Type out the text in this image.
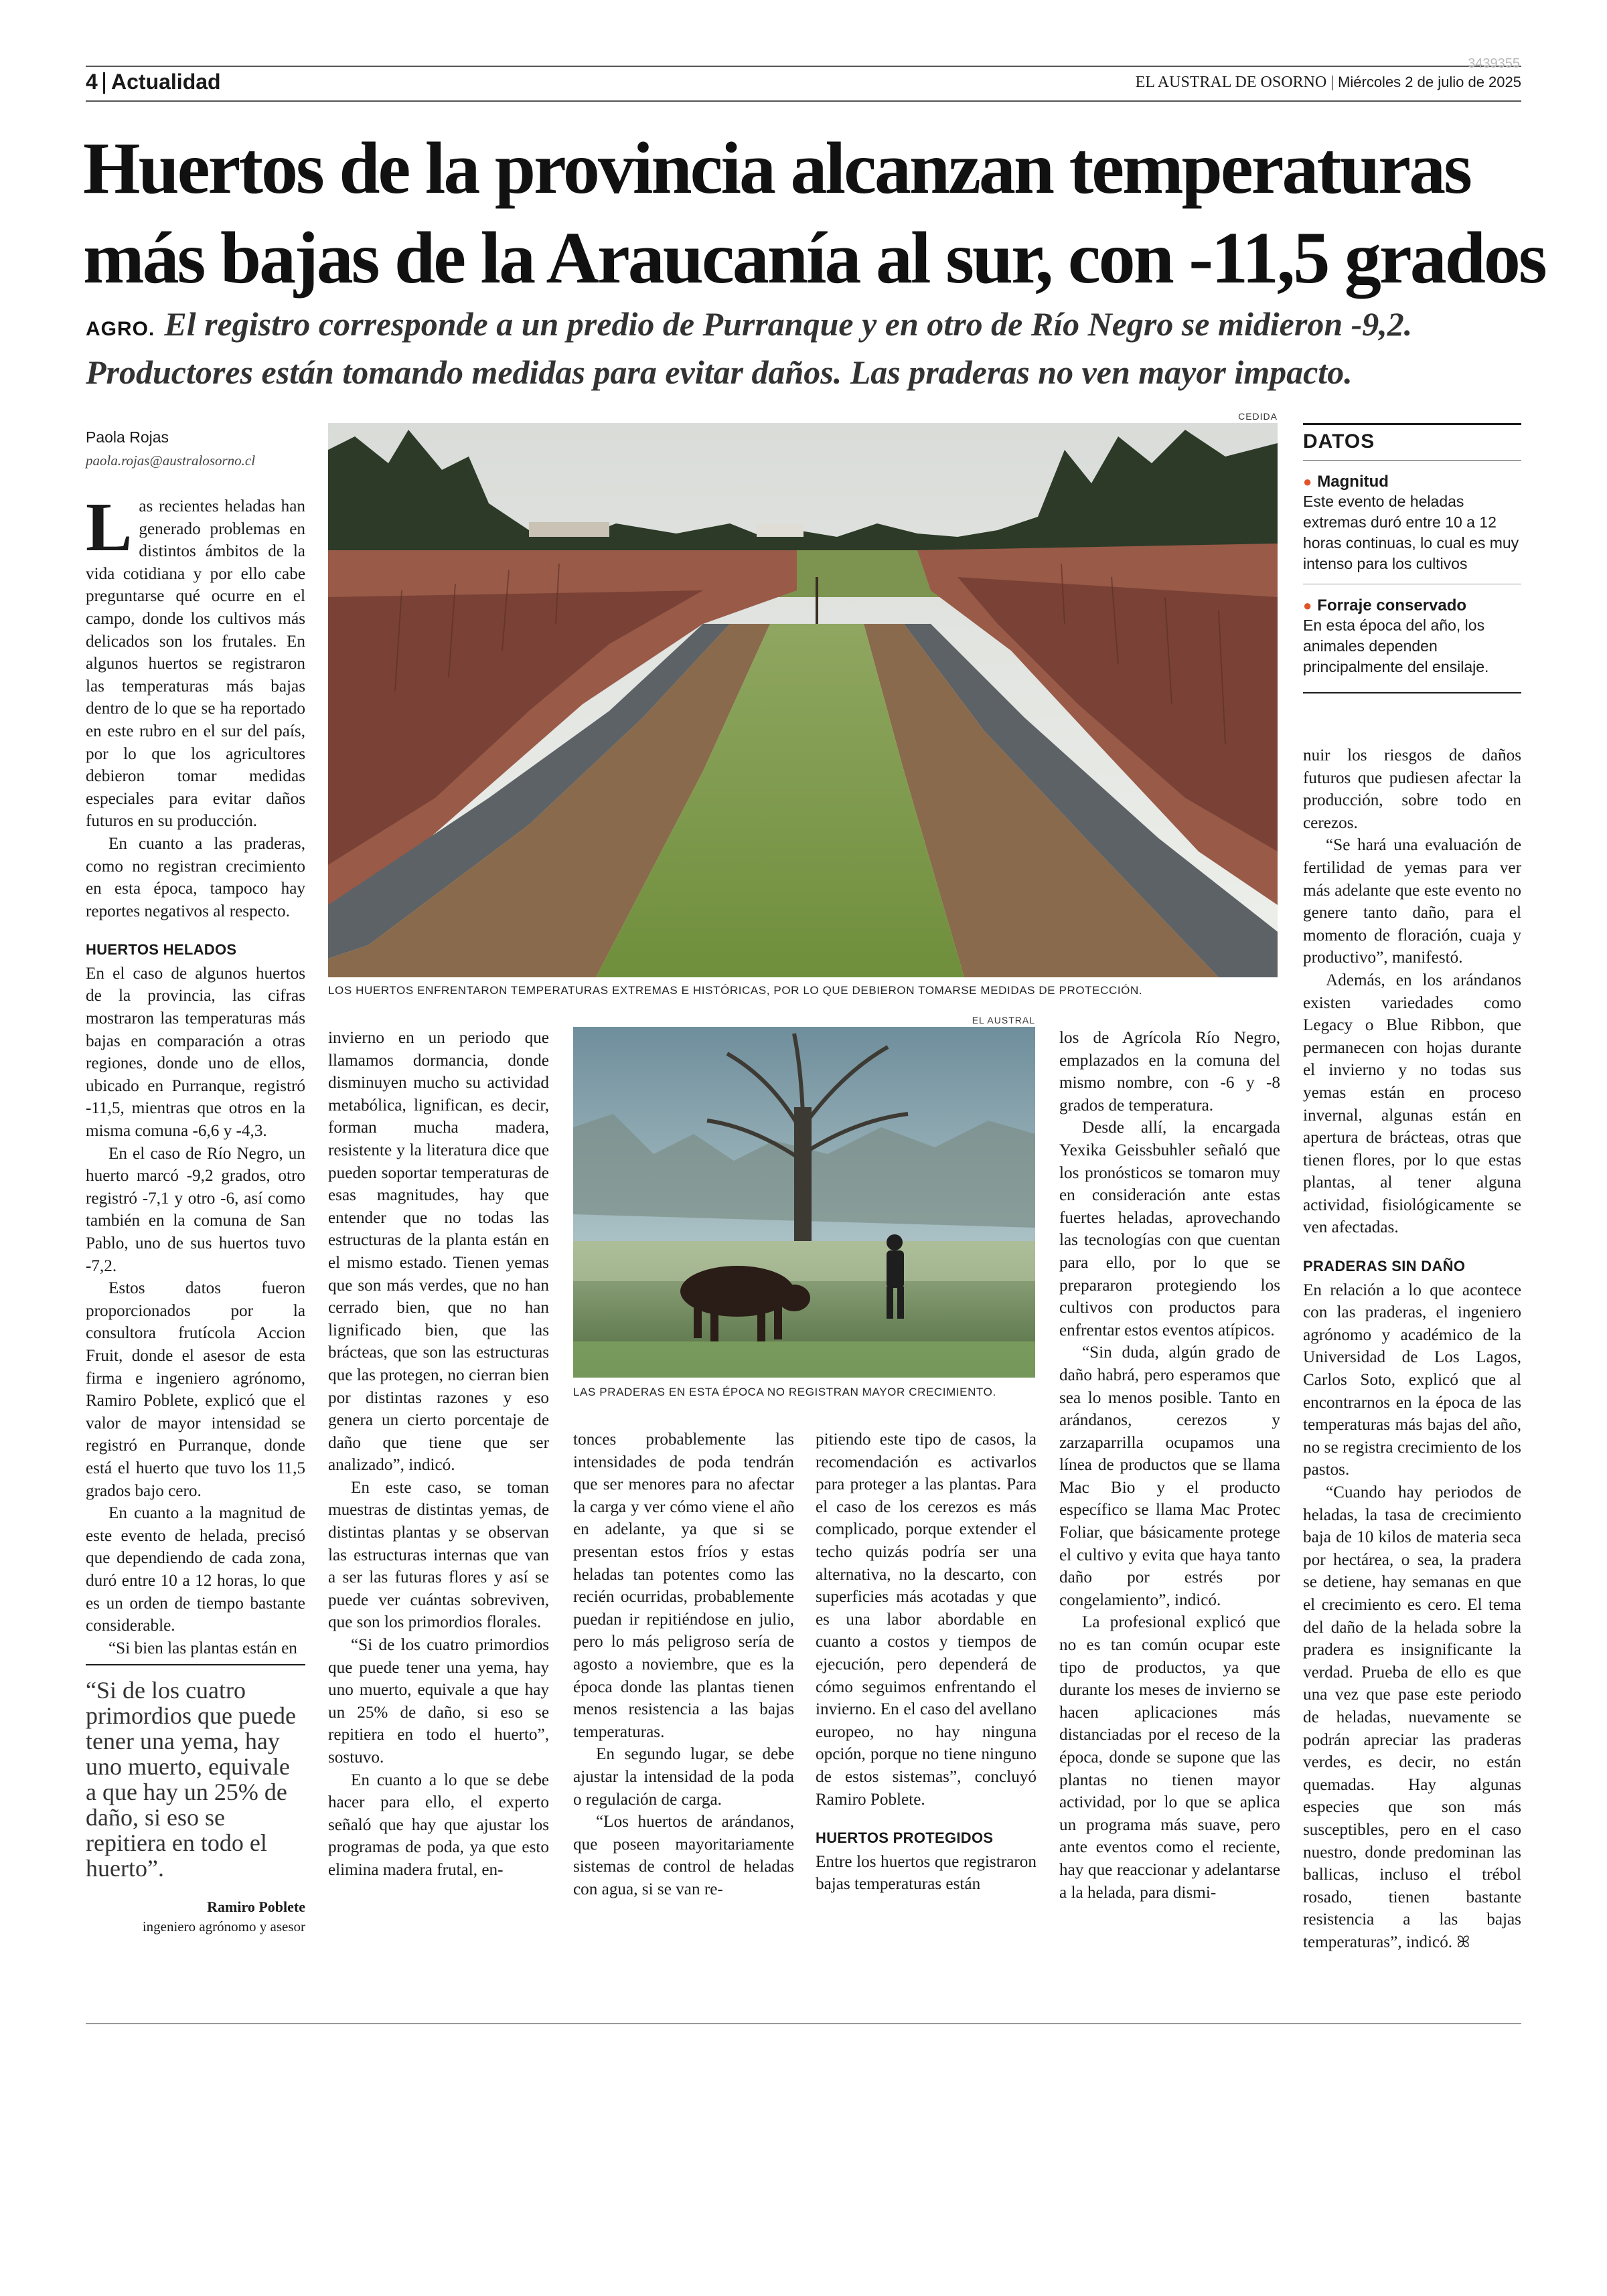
4 Actualidad	EL AUSTRAL DE OSORNO | Miércoles 2 de julio de 2025
3439355
Huertos de la provincia alcanzan temperaturas
más bajas de la Araucanía al sur, con -11,5 grados
AGRO. El registro corresponde a un predio de Purranque y en otro de Río Negro se midieron -9,2.
Productores están tomando medidas para evitar daños. Las praderas no ven mayor impacto.
CEDIDA
LOS HUERTOS ENFRENTARON TEMPERATURAS EXTREMAS E HISTÓRICAS, POR LO QUE DEBIERON TOMARSE MEDIDAS DE PROTECCIÓN.
EL AUSTRAL
LAS PRADERAS EN ESTA ÉPOCA NO REGISTRAN MAYOR CRECIMIENTO.
DATOS
● Magnitud
Este evento de heladas extremas duró entre 10 a 12 horas continuas, lo cual es muy intenso para los cultivos
● Forraje conservado
En esta época del año, los animales dependen principalmente del ensilaje.
Paola Rojas
paola.rojas@australosorno.cl

Las recientes heladas han generado problemas en distintos ámbitos de la vida cotidiana y por ello cabe preguntarse qué ocurre en el campo, donde los cultivos más delicados son los frutales. En algunos huertos se registraron las temperaturas más bajas dentro de lo que se ha reportado en este rubro en el sur del país, por lo que los agricultores debieron tomar medidas especiales para evitar daños futuros en su producción.

En cuanto a las praderas, como no registran crecimiento en esta época, tampoco hay reportes negativos al respecto.

HUERTOS HELADOS

En el caso de algunos huertos de la provincia, las cifras mostraron las temperaturas más bajas en comparación a otras regiones, donde uno de ellos, ubicado en Purranque, registró -11,5, mientras que otros en la misma comuna -6,6 y -4,3.

En el caso de Río Negro, un huerto marcó -9,2 grados, otro registró -7,1 y otro -6, así como también en la comuna de San Pablo, uno de sus huertos tuvo -7,2.

Estos datos fueron proporcionados por la consultora frutícola Accion Fruit, donde el asesor de esta firma e ingeniero agrónomo, Ramiro Poblete, explicó que el valor de mayor intensidad se registró en Purranque, donde está el huerto que tuvo los 11,5 grados bajo cero.

En cuanto a la magnitud de este evento de helada, precisó que dependiendo de cada zona, duró entre 10 a 12 horas, lo que es un orden de tiempo bastante considerable.

“Si bien las plantas están en

“Si de los cuatro primordios que puede tener una yema, hay uno muerto, equivale a que hay un 25% de daño, si eso se repitiera en todo el huerto”.
Ramiro Poblete
ingeniero agrónomo y asesor

invierno en un periodo que llamamos dormancia, donde disminuyen mucho su actividad metabólica, lignifican, es decir, forman mucha madera, resistente y la literatura dice que pueden soportar temperaturas de esas magnitudes, hay que entender que no todas las estructuras de la planta están en el mismo estado. Tienen yemas que son más verdes, que no han cerrado bien, que no han lignificado bien, que las brácteas, que son las estructuras que las protegen, no cierran bien por distintas razones y eso genera un cierto porcentaje de daño que tiene que ser analizado”, indicó.

En este caso, se toman muestras de distintas yemas, de distintas plantas y se observan las estructuras internas que van a ser las futuras flores y así se puede ver cuántas sobreviven, que son los primordios florales.

“Si de los cuatro primordios que puede tener una yema, hay uno muerto, equivale a que hay un 25% de daño, si eso se repitiera en todo el huerto”, sostuvo.

En cuanto a lo que se debe hacer para ello, el experto señaló que hay que ajustar los programas de poda, ya que esto elimina madera frutal, en-

tonces probablemente las intensidades de poda tendrán que ser menores para no afectar la carga y ver cómo viene el año en adelante, ya que si se presentan estos fríos y estas heladas tan potentes como las recién ocurridas, probablemente puedan ir repitiéndose en julio, pero lo más peligroso sería de agosto a noviembre, que es la época donde las plantas tienen menos resistencia a las bajas temperaturas.

En segundo lugar, se debe ajustar la intensidad de la poda o regulación de carga.

“Los huertos de arándanos, que poseen mayoritariamente sistemas de control de heladas con agua, si se van re-

pitiendo este tipo de casos, la recomendación es activarlos para proteger a las plantas. Para el caso de los cerezos es más complicado, porque extender el techo quizás podría ser una alternativa, no la descarto, con superficies más acotadas y que es una labor abordable en cuanto a costos y tiempos de ejecución, pero dependerá de cómo seguimos enfrentando el invierno. En el caso del avellano europeo, no hay ninguna opción, porque no tiene ninguno de estos sistemas”, concluyó Ramiro Poblete.

HUERTOS PROTEGIDOS

Entre los huertos que registraron bajas temperaturas están

los de Agrícola Río Negro, emplazados en la comuna del mismo nombre, con -6 y -8 grados de temperatura.

Desde allí, la encargada Yexika Geissbuhler señaló que los pronósticos se tomaron muy en consideración ante estas fuertes heladas, aprovechando las tecnologías con que cuentan para ello, por lo que se prepararon protegiendo los cultivos con productos para enfrentar estos eventos atípicos.

“Sin duda, algún grado de daño habrá, pero esperamos que sea lo menos posible. Tanto en arándanos, cerezos y zarzaparrilla ocupamos una línea de productos que se llama Mac Bio y el producto específico se llama Mac Protec Foliar, que básicamente protege el cultivo y evita que haya tanto daño por estrés por congelamiento”, indicó.

La profesional explicó que no es tan común ocupar este tipo de productos, ya que durante los meses de invierno se hacen aplicaciones más distanciadas por el receso de la época, donde se supone que las plantas no tienen mayor actividad, por lo que se aplica un programa más suave, pero ante eventos como el reciente, hay que reaccionar y adelantarse a la helada, para dismi-

nuir los riesgos de daños futuros que pudiesen afectar la producción, sobre todo en cerezos.

“Se hará una evaluación de fertilidad de yemas para ver más adelante que este evento no genere tanto daño, para el momento de floración, cuaja y productivo”, manifestó.

Además, en los arándanos existen variedades como Legacy o Blue Ribbon, que permanecen con hojas durante el invierno y no todas sus yemas están en proceso invernal, algunas están en apertura de brácteas, otras que tienen flores, por lo que estas plantas, al tener alguna actividad, fisiológicamente se ven afectadas.

PRADERAS SIN DAÑO

En relación a lo que acontece con las praderas, el ingeniero agrónomo y académico de la Universidad de Los Lagos, Carlos Soto, explicó que al encontrarnos en la época de las temperaturas más bajas del año, no se registra crecimiento de los pastos.

“Cuando hay periodos de heladas, la tasa de crecimiento baja de 10 kilos de materia seca por hectárea, o sea, la pradera se detiene, hay semanas en que el crecimiento es cero. El tema del daño de la helada sobre la pradera es insignificante la verdad. Prueba de ello es que una vez que pase este periodo de heladas, nuevamente se podrán apreciar las praderas verdes, es decir, no están quemadas. Hay algunas especies que son más susceptibles, pero en el caso nuestro, donde predominan las ballicas, incluso el trébol rosado, tienen bastante resistencia a las bajas temperaturas”, indicó. ꕤ
